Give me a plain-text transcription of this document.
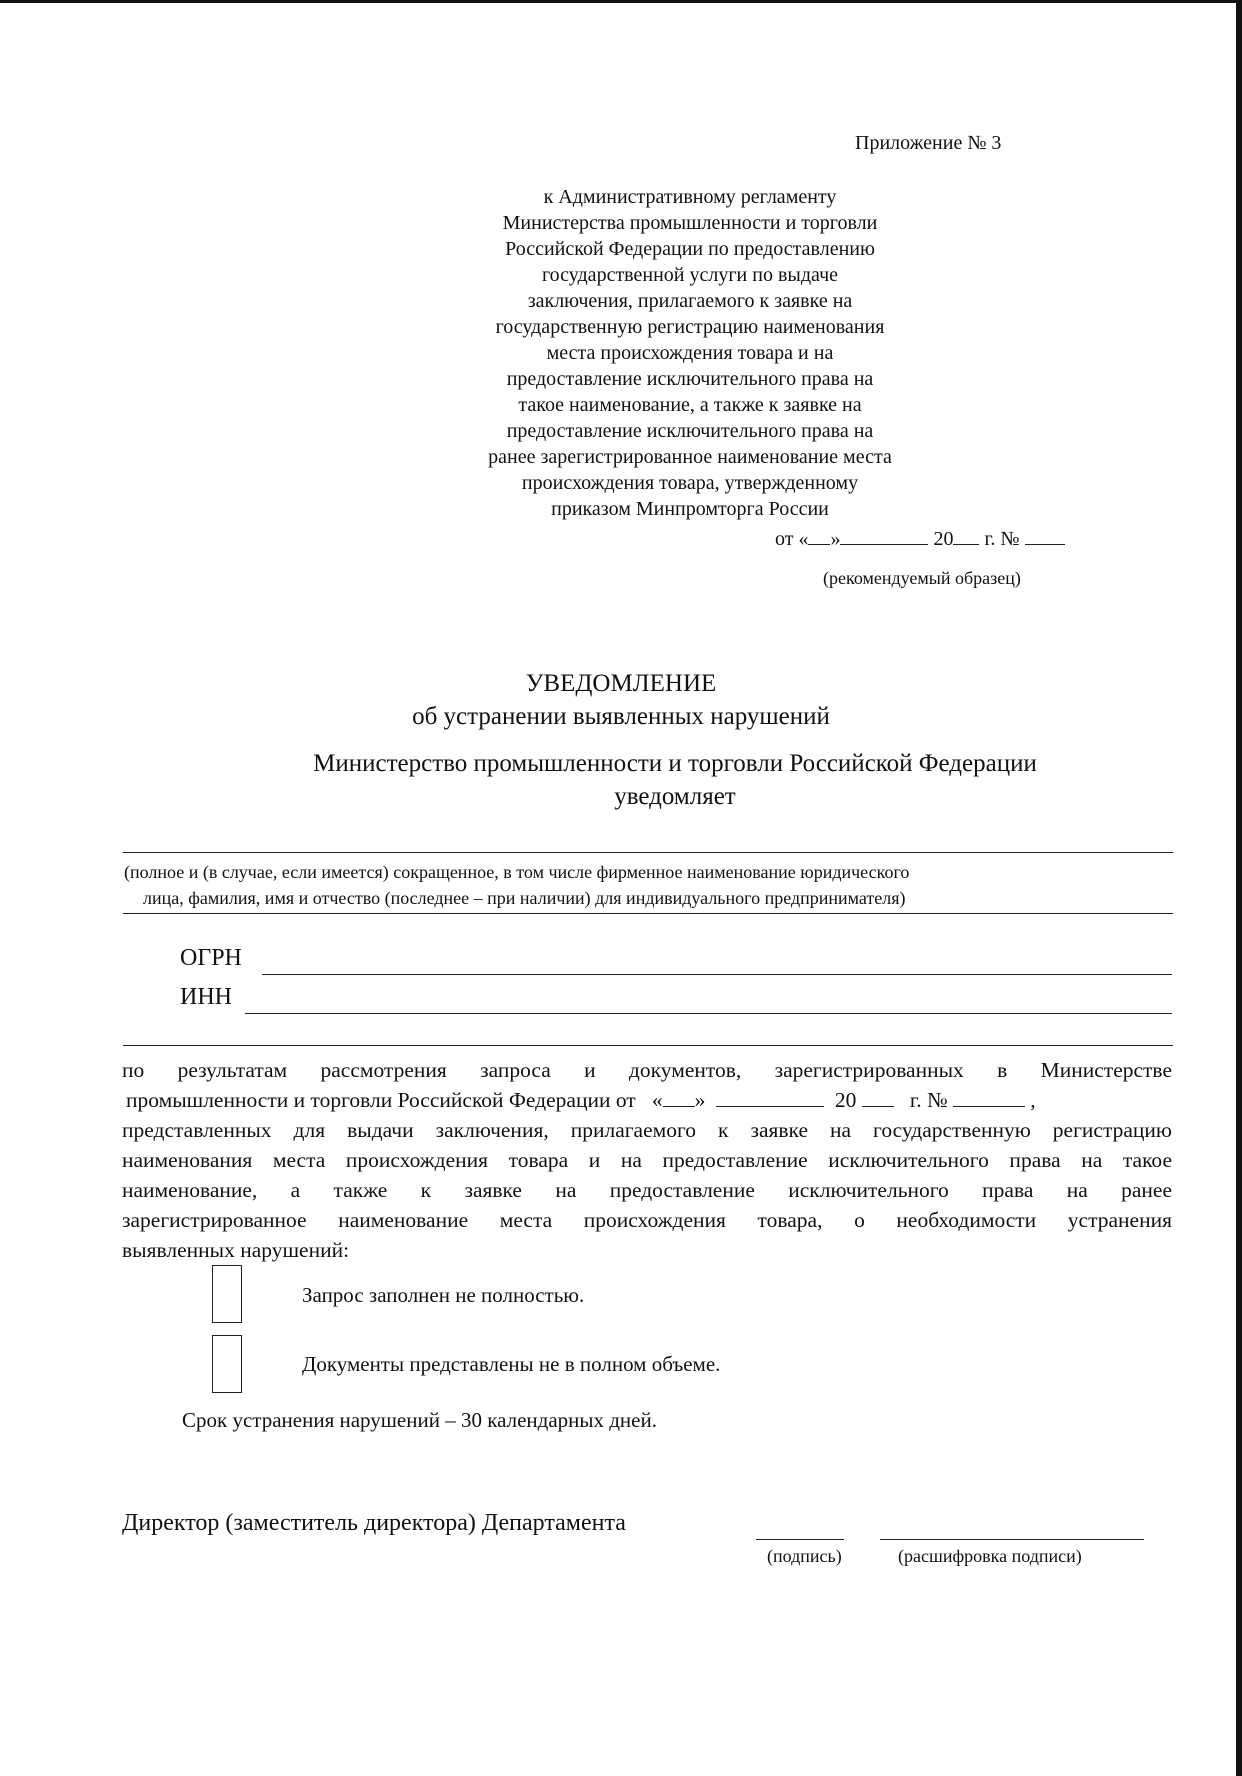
Приложение № 3
к Административному регламенту
Министерства промышленности и торговли
Российской Федерации по предоставлению
государственной услуги по выдаче
заключения, прилагаемого к заявке на
государственную регистрацию наименования
места происхождения товара и на
предоставление исключительного права на
такое наименование, а также к заявке на
предоставление исключительного права на
ранее зарегистрированное наименование места
происхождения товара, утвержденному
приказом Минпромторга России
от « »	20 г. №
(рекомендуемый образец)
УВЕДОМЛЕНИЕ
об устранении выявленных нарушений
Министерство промышленности и торговли Российской Федерации
уведомляет
(полное и (в случае, если имеется) сокращенное, в том числе фирменное наименование юридического
лица, фамилия, имя и отчество (последнее – при наличии) для индивидуального предпринимателя)
ОГРН
ИНН
по результатам рассмотрения запроса и документов, зарегистрированных в Министерстве
промышленности и торговли Российской Федерации от « »	20 г. №	,
представленных для выдачи заключения, прилагаемого к заявке на государственную регистрацию
наименования места происхождения товара и на предоставление исключительного права на такое
наименование, а также к заявке на предоставление исключительного права на ранее
зарегистрированное наименование места происхождения товара, о необходимости устранения
выявленных нарушений:
Запрос заполнен не полностью.
Документы представлены не в полном объеме.
Срок устранения нарушений – 30 календарных дней.
Директор (заместитель директора) Департамента
(подпись)	(расшифровка подписи)
